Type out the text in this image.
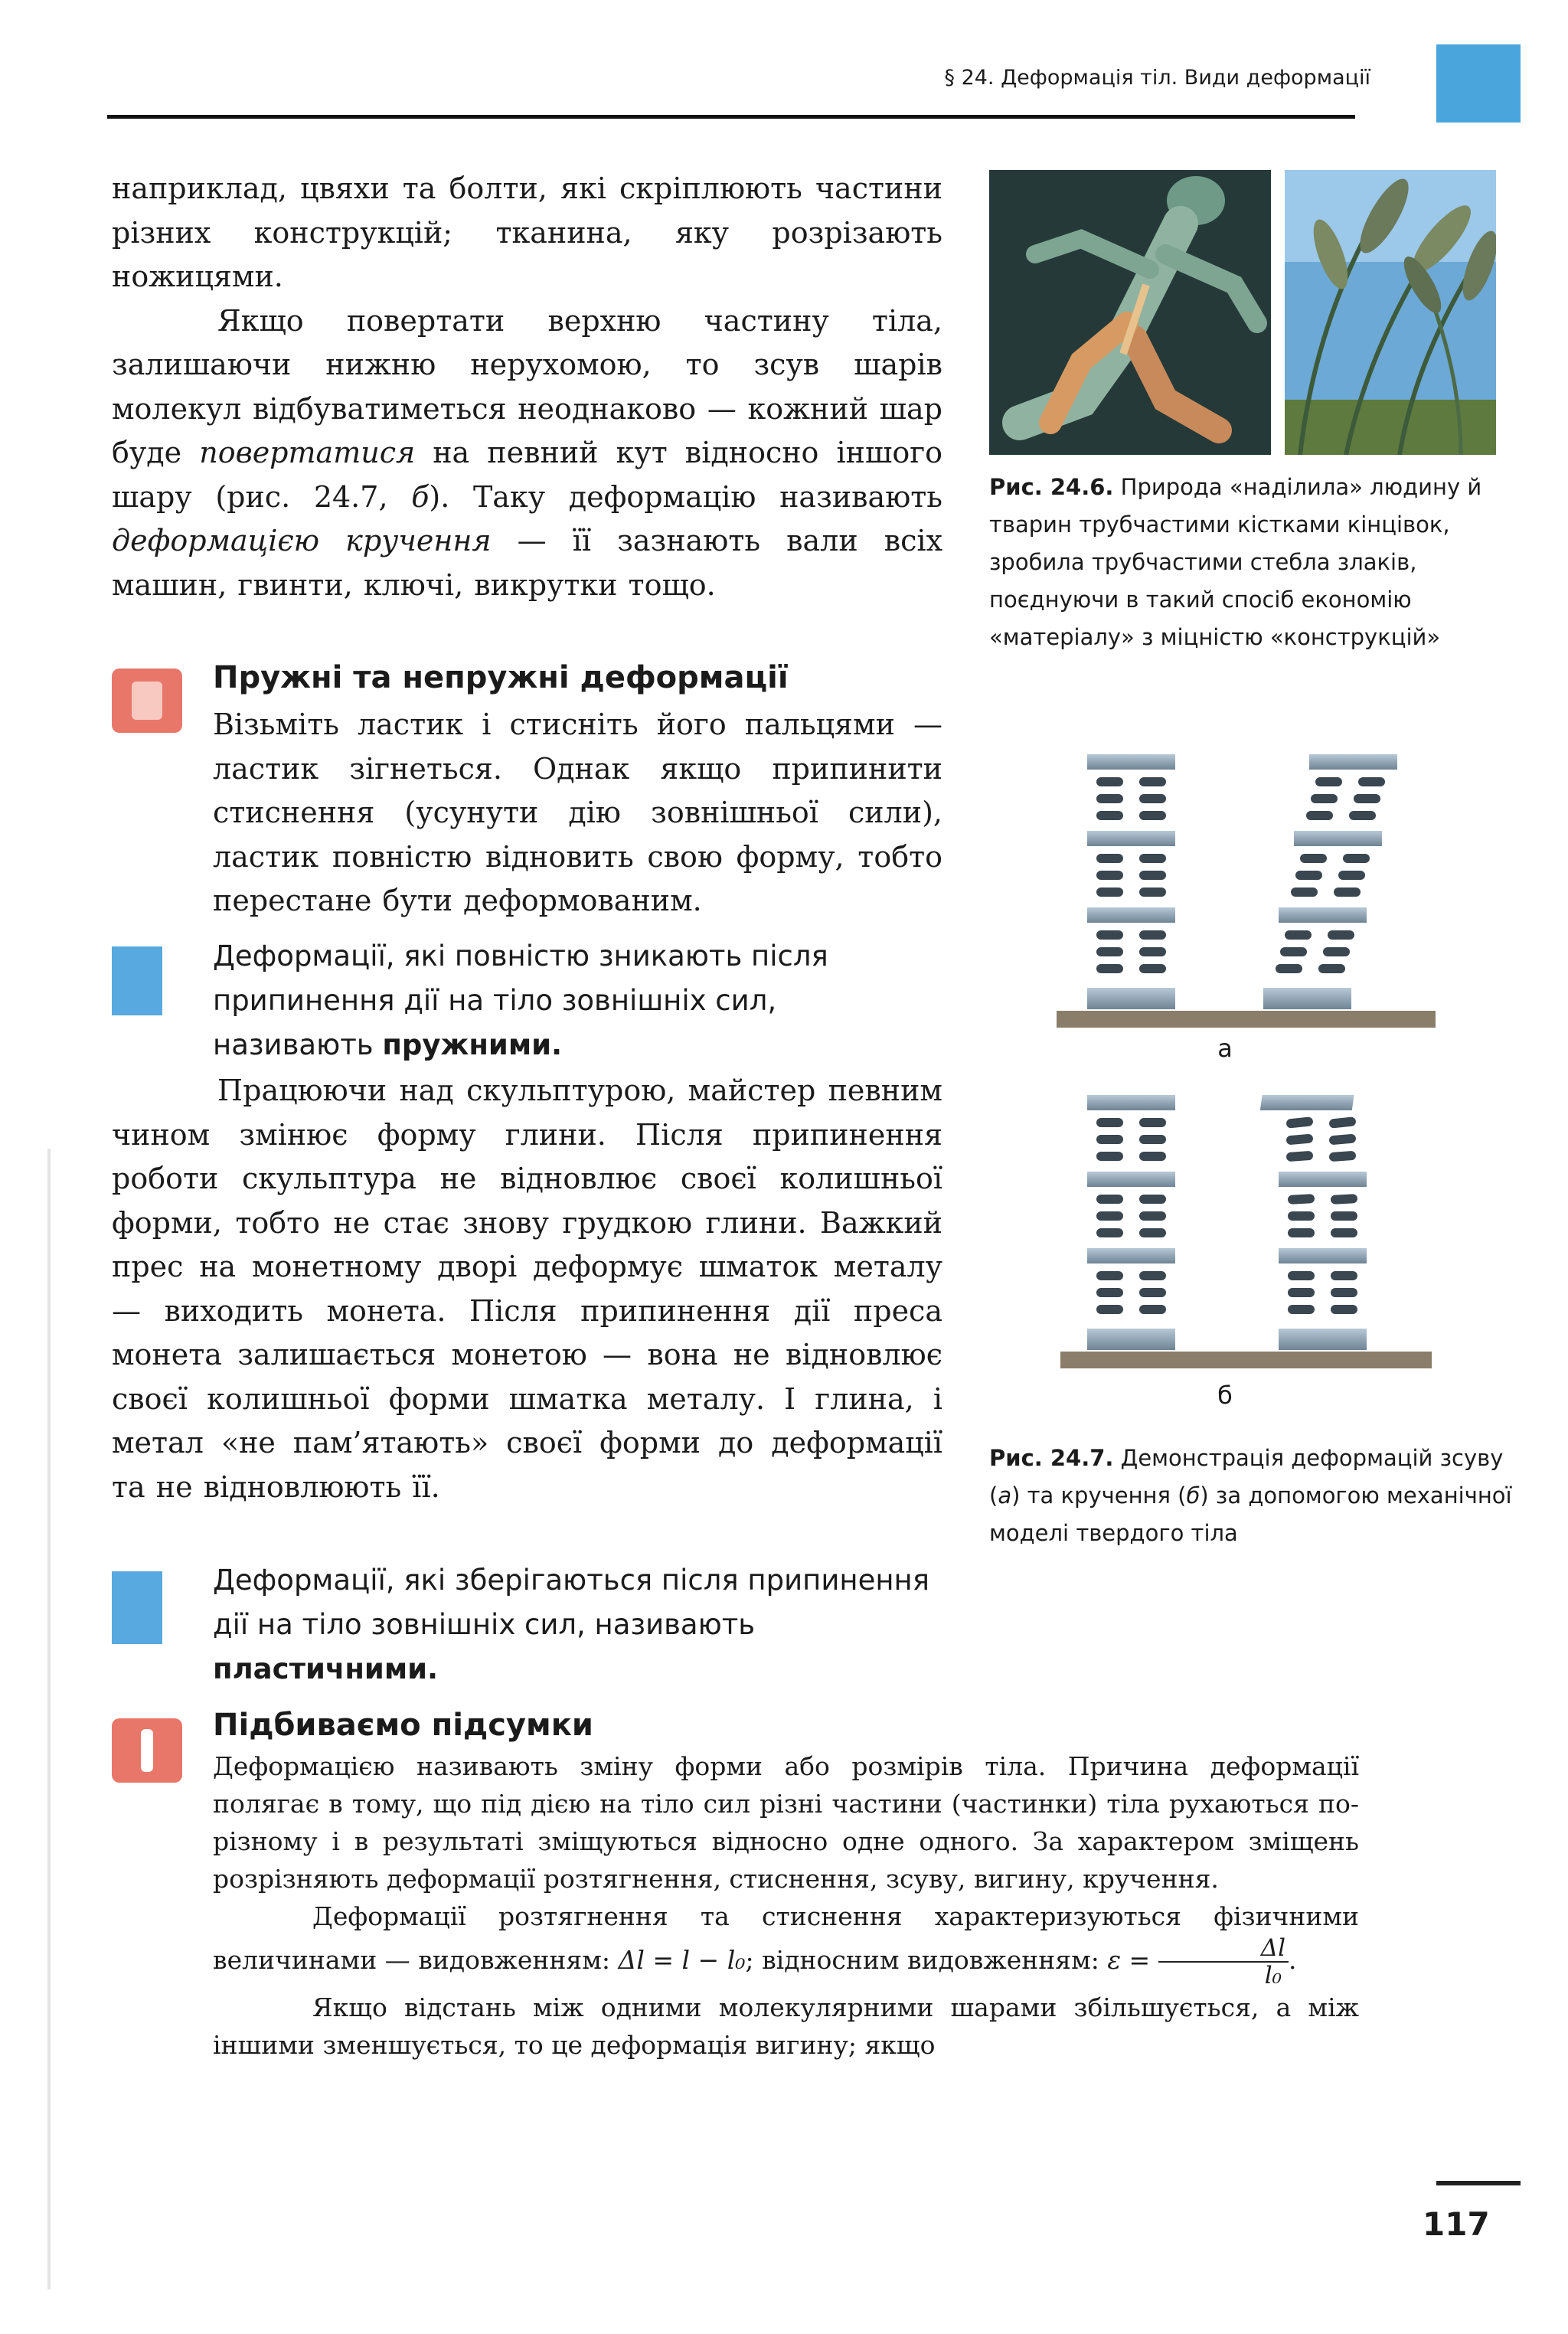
§ 24. Деформація тіл. Види деформації

наприклад, цвяхи та болти, які скріплюють частини різних конструкцій; тканина, яку розрізають ножицями.

Якщо повертати верхню частину тіла, залишаючи нижню нерухомою, то зсув шарів молекул відбуватиметься неоднаково — кожний шар буде повертатися на певний кут відносно іншого шару (рис. 24.7, б). Таку деформацію називають деформацією кручення — її зазнають вали всіх машин, гвинти, ключі, викрутки тощо.

Пружні та непружні деформації

Візьміть ластик і стисніть його пальцями — ластик зігнеться. Однак якщо припинити стиснення (усунути дію зовнішньої сили), ластик повністю відновить свою форму, тобто перестане бути деформованим.

Деформації, які повністю зникають після припинення дії на тіло зовнішніх сил, називають пружними.

Працюючи над скульптурою, майстер певним чином змінює форму глини. Після припинення роботи скульптура не відновлює своєї колишньої форми, тобто не стає знову грудкою глини. Важкий прес на монетному дворі деформує шматок металу — виходить монета. Після припинення дії преса монета залишається монетою — вона не відновлює своєї колишньої форми шматка металу. І глина, і метал «не пам’ятають» своєї форми до деформації та не відновлюють її.

Деформації, які зберігаються після припинення дії на тіло зовнішніх сил, називають пластичними.
Підбиваємо підсумки

Деформацією називають зміну форми або розмірів тіла. Причина деформації полягає в тому, що під дією на тіло сил різні частини (частинки) тіла рухаються по-різному і в результаті зміщуються відносно одне одного. За характером зміщень розрізняють деформації розтягнення, стиснення, зсуву, вигину, кручення.

Деформації розтягнення та стиснення характеризуються фізичними величинами — видовженням: Δl = l − l₀; відносним видовженням: $\varepsilon = \frac{\Delta l}{\text{l₀}}$ .

Якщо відстань між одними молекулярними шарами збільшується, а між іншими зменшується, то це деформація вигину; якщо

Рис. 24.6. Природа «наділила» людину й тварин трубчастими кістками кінцівок, зробила трубчастими стебла злаків, поєднуючи в такий спосіб економію «матеріалу» з міцністю «конструкцій»
а
б
Рис. 24.7. Демонстрація деформацій зсуву (а) та кручення (б) за допомогою механічної моделі твердого тіла
117
